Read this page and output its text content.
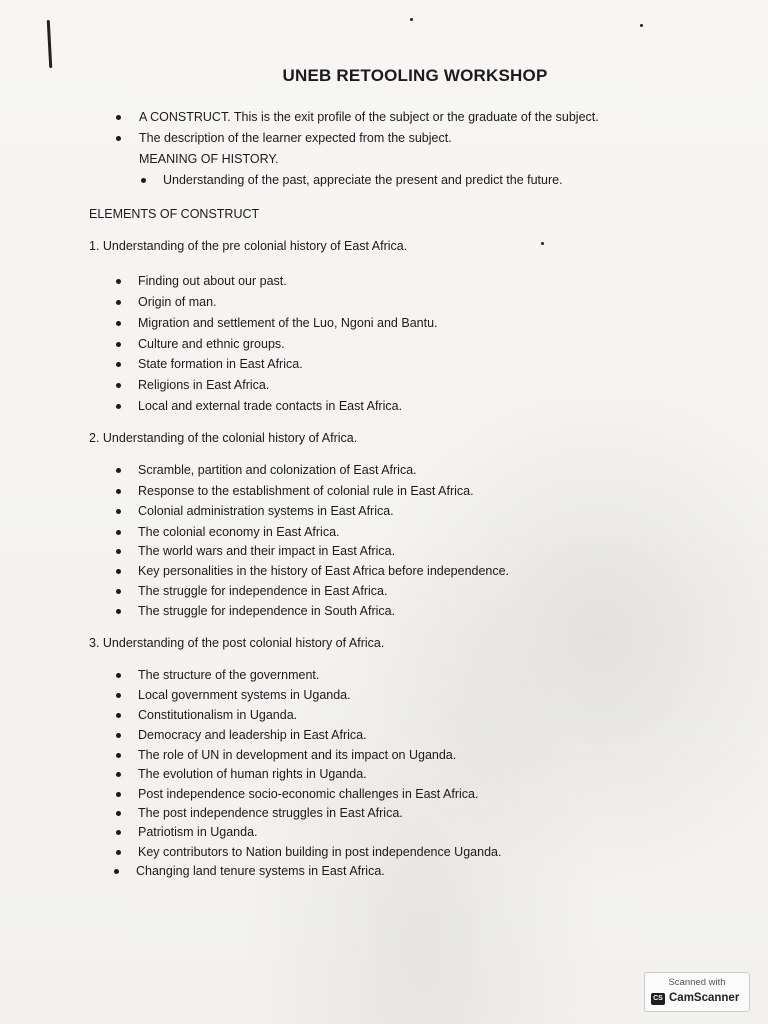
UNEB RETOOLING WORKSHOP
A CONSTRUCT. This is the exit profile of the subject or the graduate of the subject.
The description of the learner expected from the subject.
MEANING OF HISTORY.
Understanding of the past, appreciate the present and predict the future.
ELEMENTS OF CONSTRUCT
1. Understanding of the pre colonial history of East Africa.
Finding out about our past.
Origin of man.
Migration and settlement of the Luo, Ngoni and Bantu.
Culture and ethnic groups.
State formation in East Africa.
Religions in East Africa.
Local and external trade contacts in East Africa.
2. Understanding of the colonial history of Africa.
Scramble, partition and colonization of East Africa.
Response to the establishment of colonial rule in East Africa.
Colonial administration systems in East Africa.
The colonial economy in East Africa.
The world wars and their impact in East Africa.
Key personalities in the history of East Africa before independence.
The struggle for independence in East Africa.
The struggle for independence in South Africa.
3. Understanding of the post colonial history of Africa.
The structure of the government.
Local government systems in Uganda.
Constitutionalism in Uganda.
Democracy and leadership in East Africa.
The role of UN in development and its impact on Uganda.
The evolution of human rights in Uganda.
Post independence socio-economic challenges in East Africa.
The post independence struggles in East Africa.
Patriotism in Uganda.
Key contributors to Nation building in post independence Uganda.
Changing land tenure systems in East Africa.
Scanned with
CS CamScanner
